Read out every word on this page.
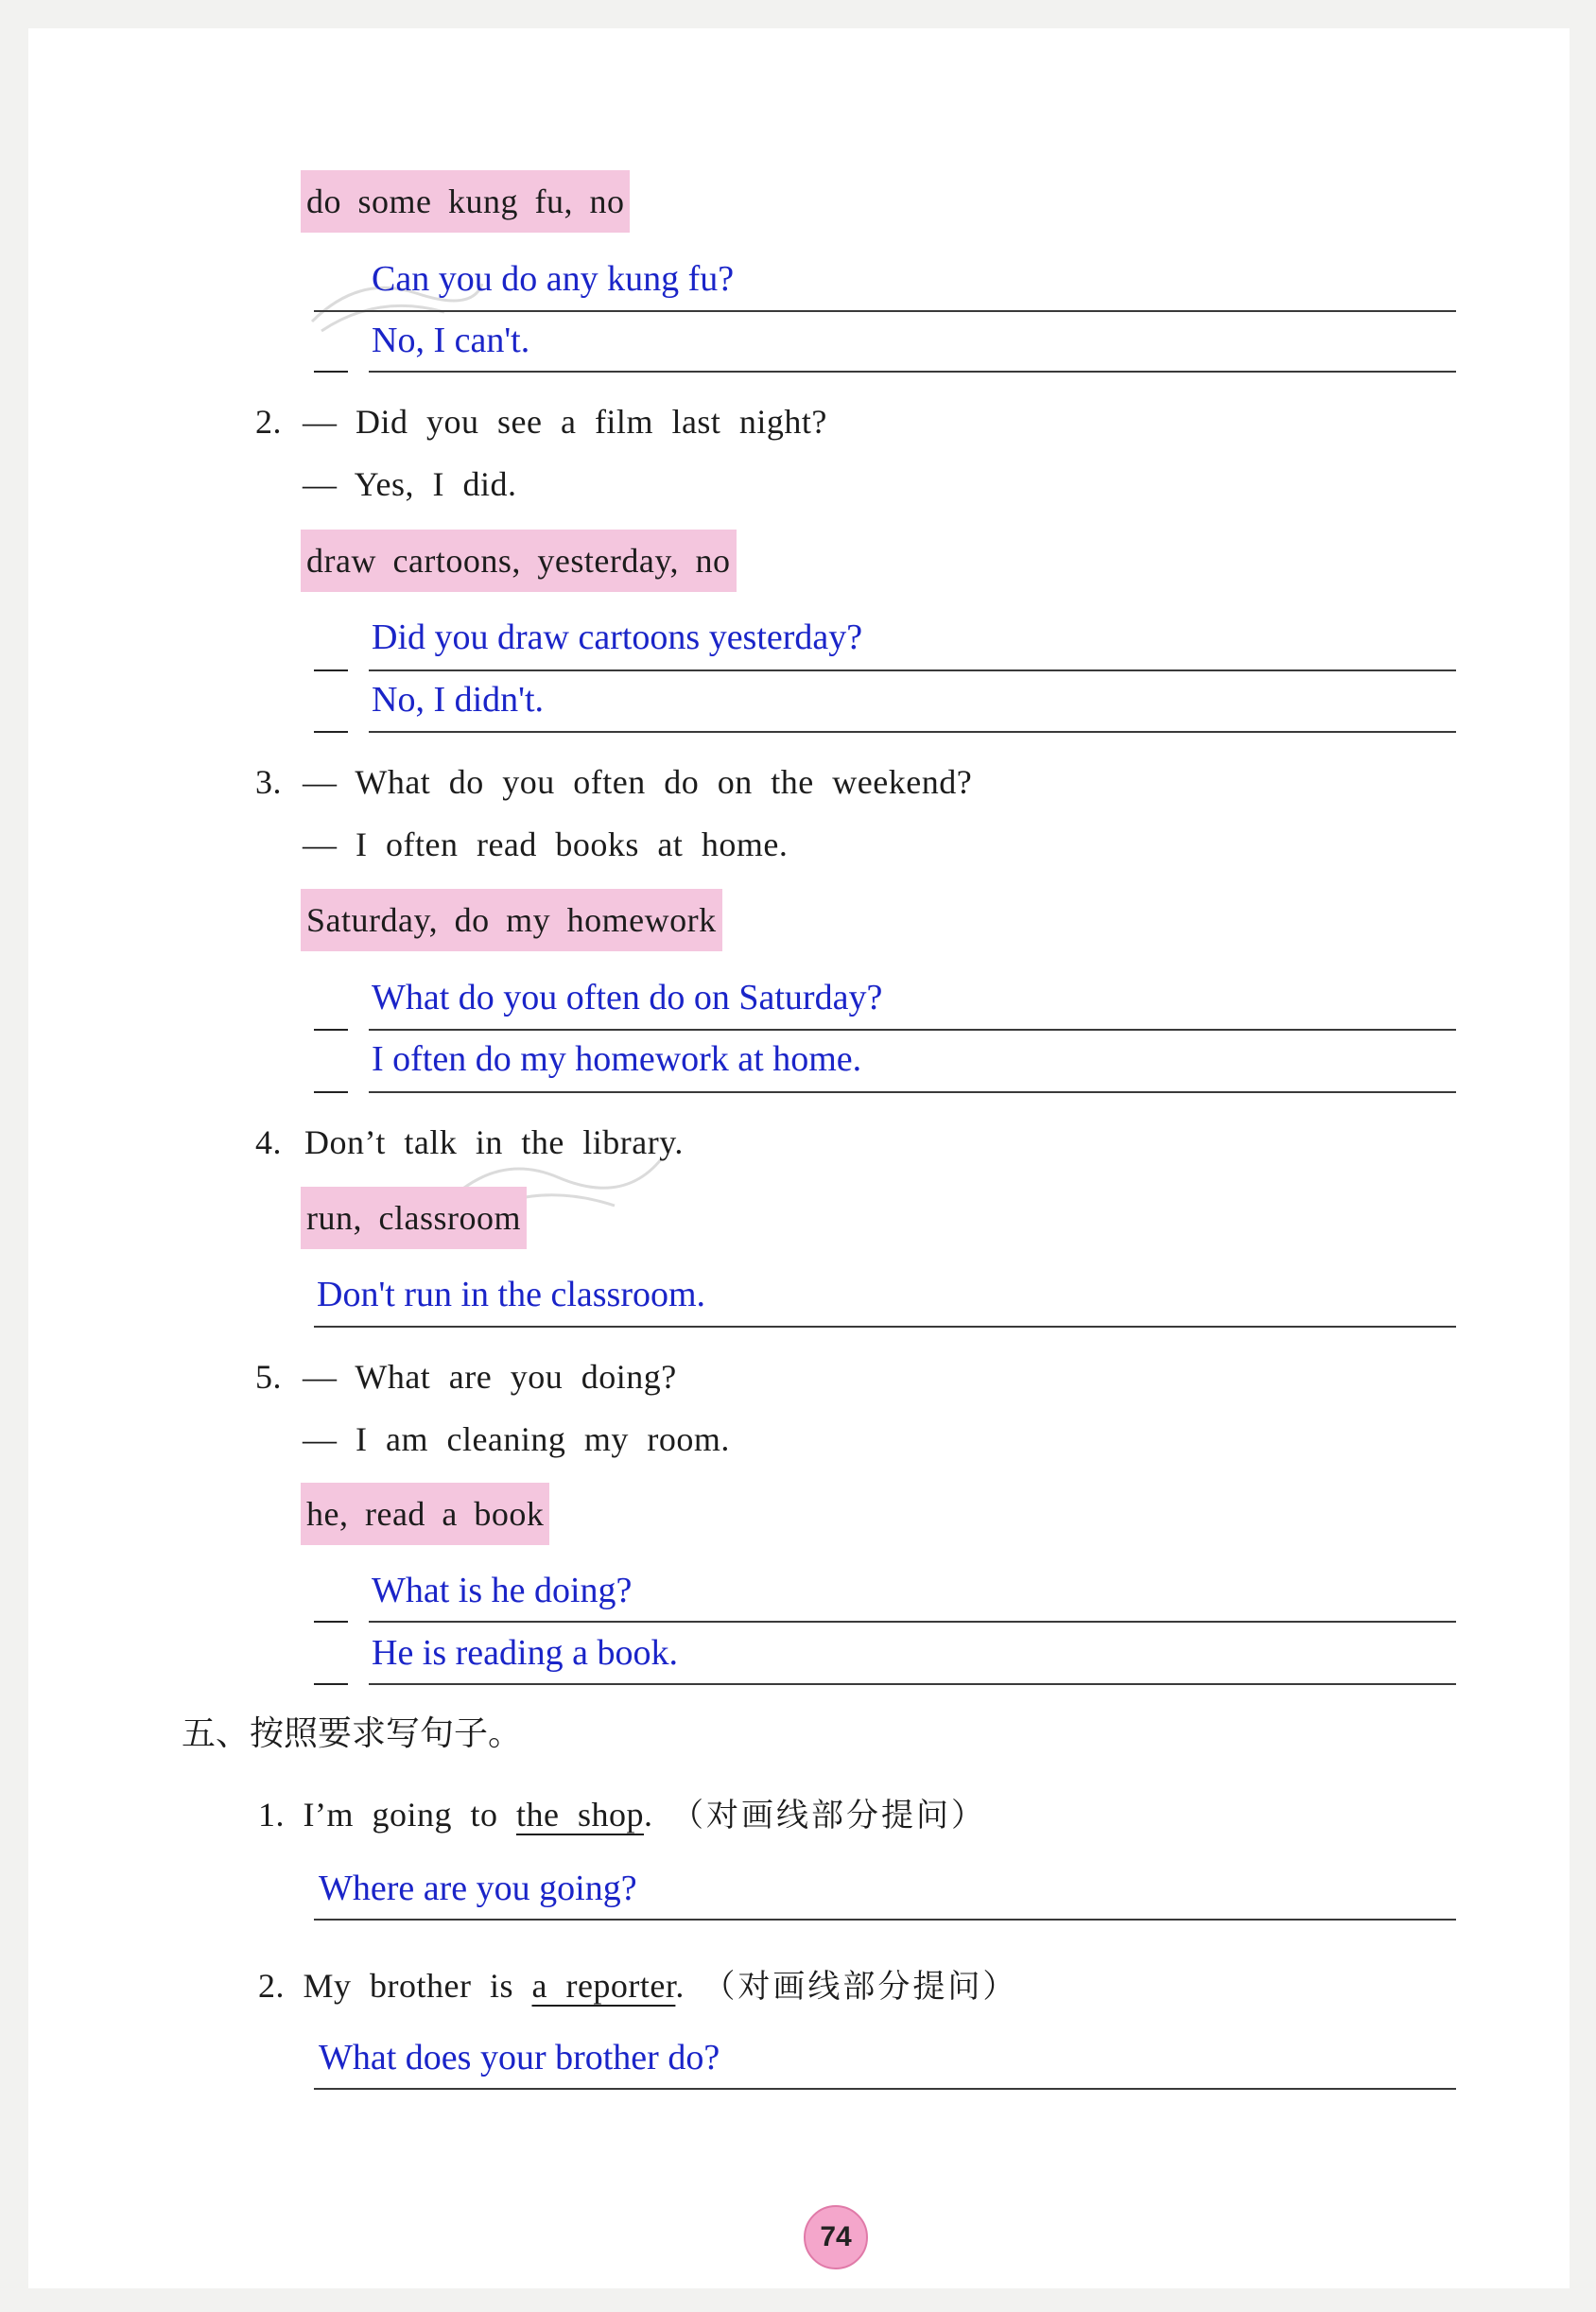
do some kung fu, no
Can you do any kung fu?
No, I can't.
2. — Did you see a film last night?
— Yes, I did.
draw cartoons, yesterday, no
Did you draw cartoons yesterday?
No, I didn't.
3. — What do you often do on the weekend?
— I often read books at home.
Saturday, do my homework
What do you often do on Saturday?
I often do my homework at home.
4. Don’t talk in the library.
run, classroom
Don't run in the classroom.
5. — What are you doing?
— I am cleaning my room.
he, read a book
What is he doing?
He is reading a book.
五、按照要求写句子。
1. I’m going to the shop. （对画线部分提问）
Where are you going?
2. My brother is a reporter. （对画线部分提问）
What does your brother do?
74
